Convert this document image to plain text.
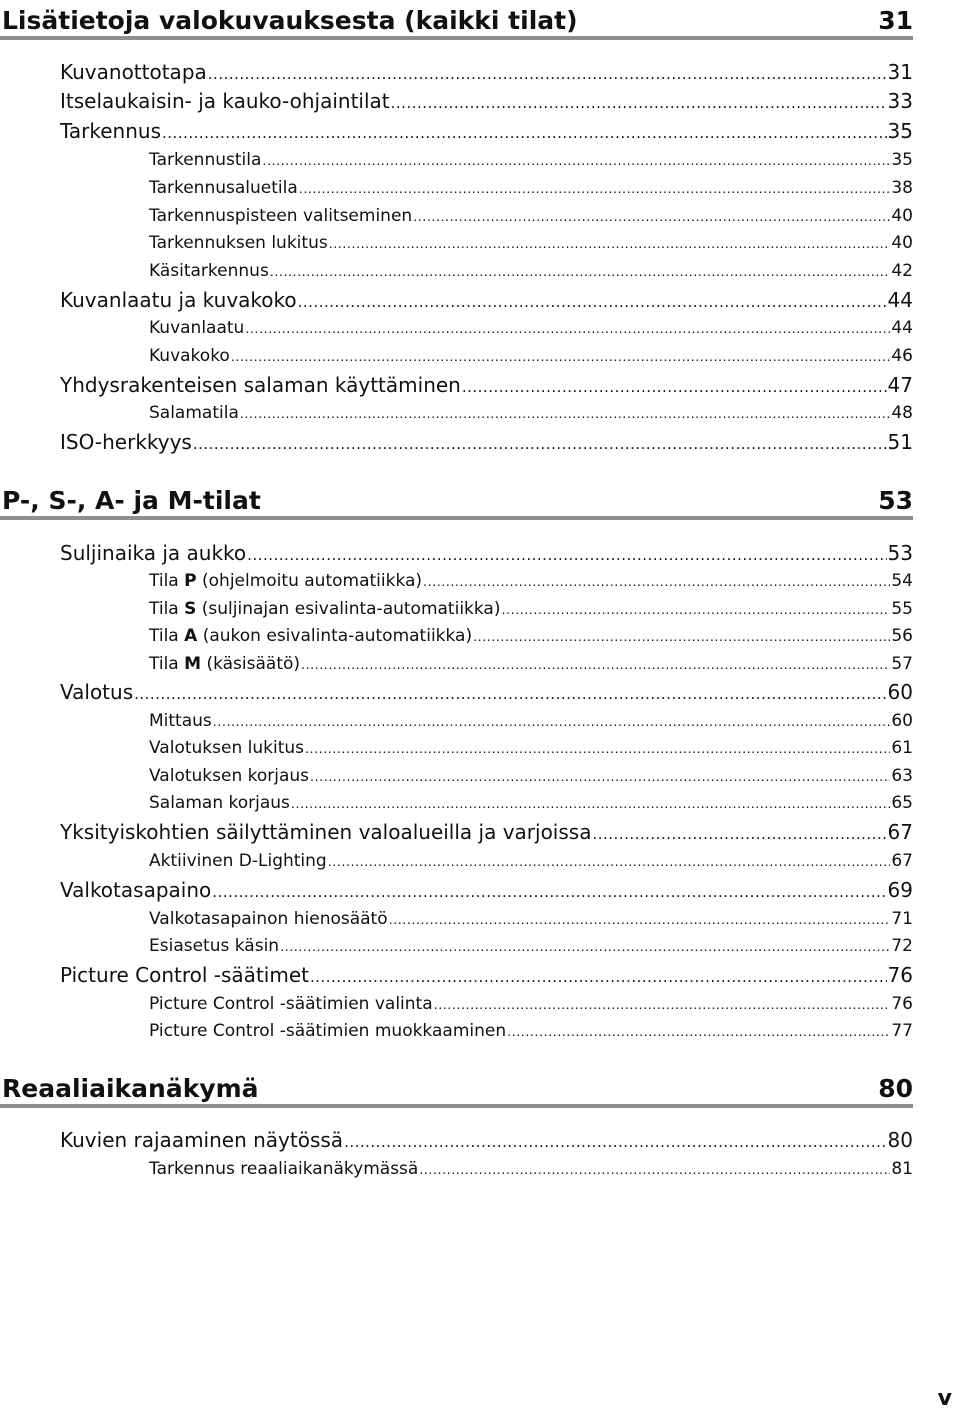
Lisätietoja valokuvauksesta (kaikki tilat)	31
Kuvanottotapa .....	31
Itselaukaisin- ja kauko-ohjaintilat .....	33
Tarkennus .....	35
Tarkennustila .....	35
Tarkennusaluetila .....	38
Tarkennuspisteen valitseminen .....	40
Tarkennuksen lukitus .....	40
Käsitarkennus .....	42
Kuvanlaatu ja kuvakoko .....	44
Kuvanlaatu .....	44
Kuvakoko .....	46
Yhdysrakenteisen salaman käyttäminen .....	47
Salamatila .....	48
ISO-herkkyys .....	51
P-, S-, A- ja M-tilat	53
Suljinaika ja aukko .....	53
Tila P (ohjelmoitu automatiikka) .....	54
Tila S (suljinajan esivalinta-automatiikka) .....	55
Tila A (aukon esivalinta-automatiikka) .....	56
Tila M (käsisäätö) .....	57
Valotus .....	60
Mittaus .....	60
Valotuksen lukitus .....	61
Valotuksen korjaus .....	63
Salaman korjaus .....	65
Yksityiskohtien säilyttäminen valoalueilla ja varjoissa .....	67
Aktiivinen D-Lighting .....	67
Valkotasapaino .....	69
Valkotasapainon hienosäätö .....	71
Esiasetus käsin .....	72
Picture Control -säätimet .....	76
Picture Control -säätimien valinta .....	76
Picture Control -säätimien muokkaaminen .....	77
Reaaliaikanäkymä	80
Kuvien rajaaminen näytössä .....	80
Tarkennus reaaliaikanäkymässä .....	81
v
